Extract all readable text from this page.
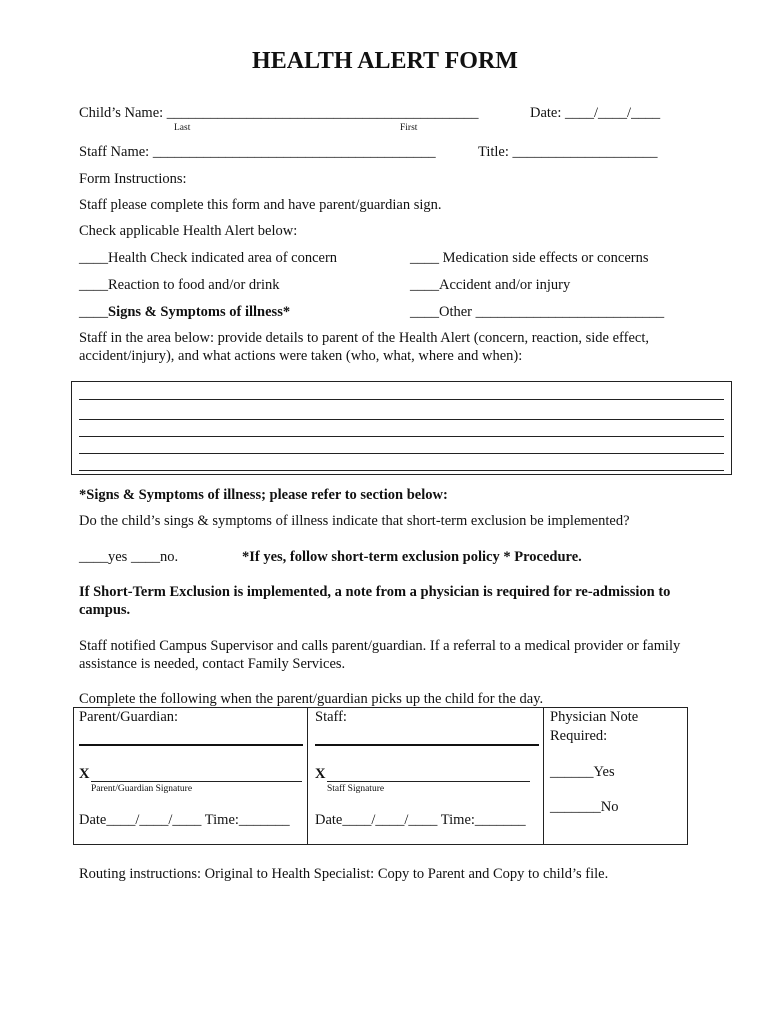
HEALTH ALERT FORM
Child’s Name: ___________________________________________	Date: ____/____/____
Last	First
Staff Name: _______________________________________	Title: ____________________
Form Instructions:
Staff please complete this form and have parent/guardian sign.
Check applicable Health Alert below:
____Health Check indicated area of concern	____ Medication side effects or concerns
____Reaction to food and/or drink	____Accident and/or injury
____Signs & Symptoms of illness*	____Other __________________________
Staff in the area below: provide details to parent of the Health Alert (concern, reaction, side effect,
accident/injury), and what actions were taken (who, what, where and when):
*Signs & Symptoms of illness; please refer to section below:
Do the child’s sings & symptoms of illness indicate that short-term exclusion be implemented?
____yes ____no.	*If yes, follow short-term exclusion policy * Procedure.
If Short-Term Exclusion is implemented, a note from a physician is required for re-admission to
campus.
Staff notified Campus Supervisor and calls parent/guardian. If a referral to a medical provider or family
assistance is needed, contact Family Services.
Complete the following when the parent/guardian picks up the child for the day.
Parent/Guardian:
X
Parent/Guardian Signature
Date____/____/____ Time:_______
Staff:
X
Staff Signature
Date____/____/____ Time:_______
Physician Note
Required:
______Yes
_______No
Routing instructions: Original to Health Specialist: Copy to Parent and Copy to child’s file.
